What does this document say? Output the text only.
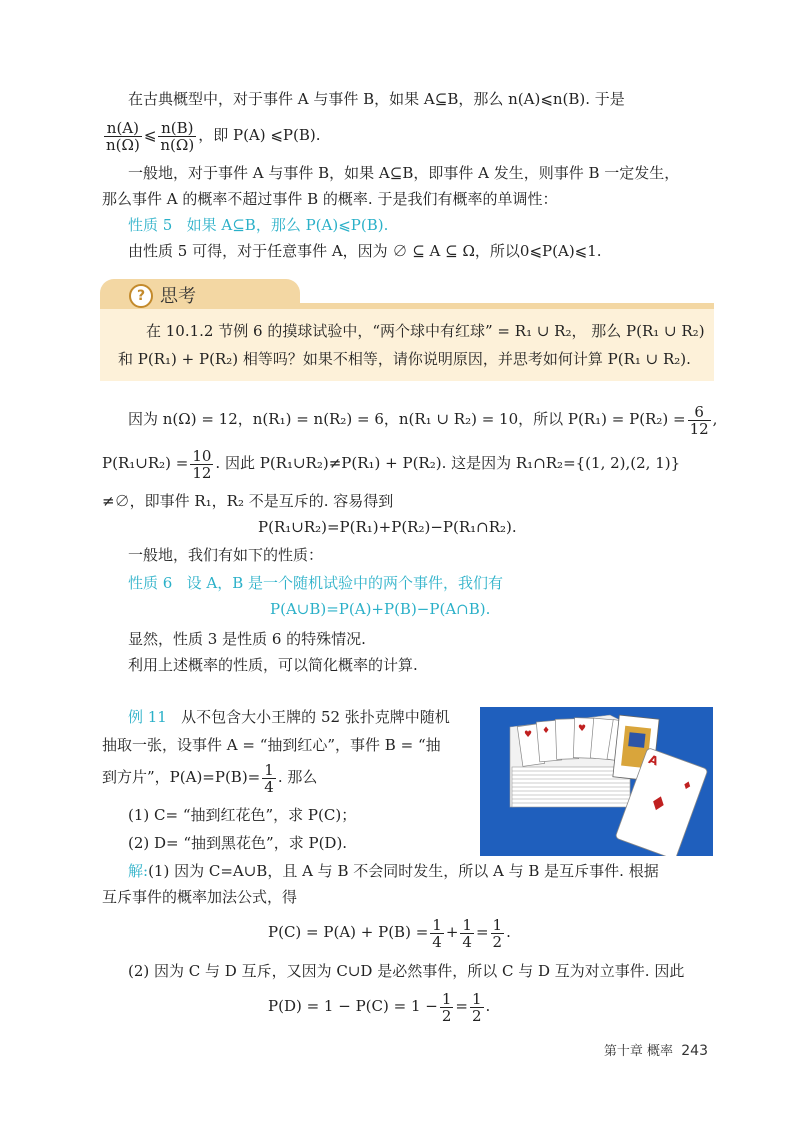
在古典概型中，对于事件 A 与事件 B，如果 A⊆B，那么 n(A)⩽n(B). 于是
$\frac{n(A)}{n(\Omega)}$ ⩽ $\frac{n(B)}{n(\Omega)}$ ，即 P(A) ⩽P(B).
一般地，对于事件 A 与事件 B，如果 A⊆B，即事件 A 发生，则事件 B 一定发生，
那么事件 A 的概率不超过事件 B 的概率. 于是我们有概率的单调性：
性质 5 如果 A⊆B，那么 P(A)⩽P(B).
由性质 5 可得，对于任意事件 A，因为 ∅ ⊆ A ⊆ Ω，所以0⩽P(A)⩽1.
? 思考
在 10.1.2 节例 6 的摸球试验中，“两个球中有红球” = R₁ ∪ R₂， 那么 P(R₁ ∪ R₂)
和 P(R₁) + P(R₂) 相等吗？如果不相等，请你说明原因，并思考如何计算 P(R₁ ∪ R₂).
因为 n(Ω) = 12，n(R₁) = n(R₂) = 6，n(R₁ ∪ R₂) = 10，所以 $P(R_1) = P(R_2) = \frac{6}{12}$ ,
P(R₁∪R₂) = $\frac{10}{12}$ . 因此 P(R₁∪R₂)≠P(R₁) + P(R₂). 这是因为 R₁∩R₂={(1, 2),(2, 1)}
≠∅，即事件 R₁，R₂ 不是互斥的. 容易得到
P(R₁∪R₂)=P(R₁)+P(R₂)−P(R₁∩R₂).
一般地，我们有如下的性质：
性质 6 设 A，B 是一个随机试验中的两个事件，我们有
P(A∪B)=P(A)+P(B)−P(A∩B).
显然，性质 3 是性质 6 的特殊情况.
利用上述概率的性质，可以简化概率的计算.
例 11 从不包含大小王牌的 52 张扑克牌中随机
抽取一张，设事件 A = “抽到红心”，事件 B = “抽
到方片”，$P(A)=P(B)= \frac{1}{4}$ . 那么
(1) C= “抽到红花色”，求 P(C)；
(2) D= “抽到黑花色”，求 P(D).
解:(1) 因为 C=A∪B，且 A 与 B 不会同时发生，所以 A 与 B 是互斥事件. 根据
互斥事件的概率加法公式，得
$P(C) = P(A) + P(B) = \frac{1}{4} + \frac{1}{4} = \frac{1}{2}$ .
(2) 因为 C 与 D 互斥，又因为 C∪D 是必然事件，所以 C 与 D 互为对立事件. 因此
$P(D) = 1 - P(C) = 1 - \frac{1}{2} = \frac{1}{2}$ .
♥ ♦	♥
A
♦
♦
第十章 概率 243
